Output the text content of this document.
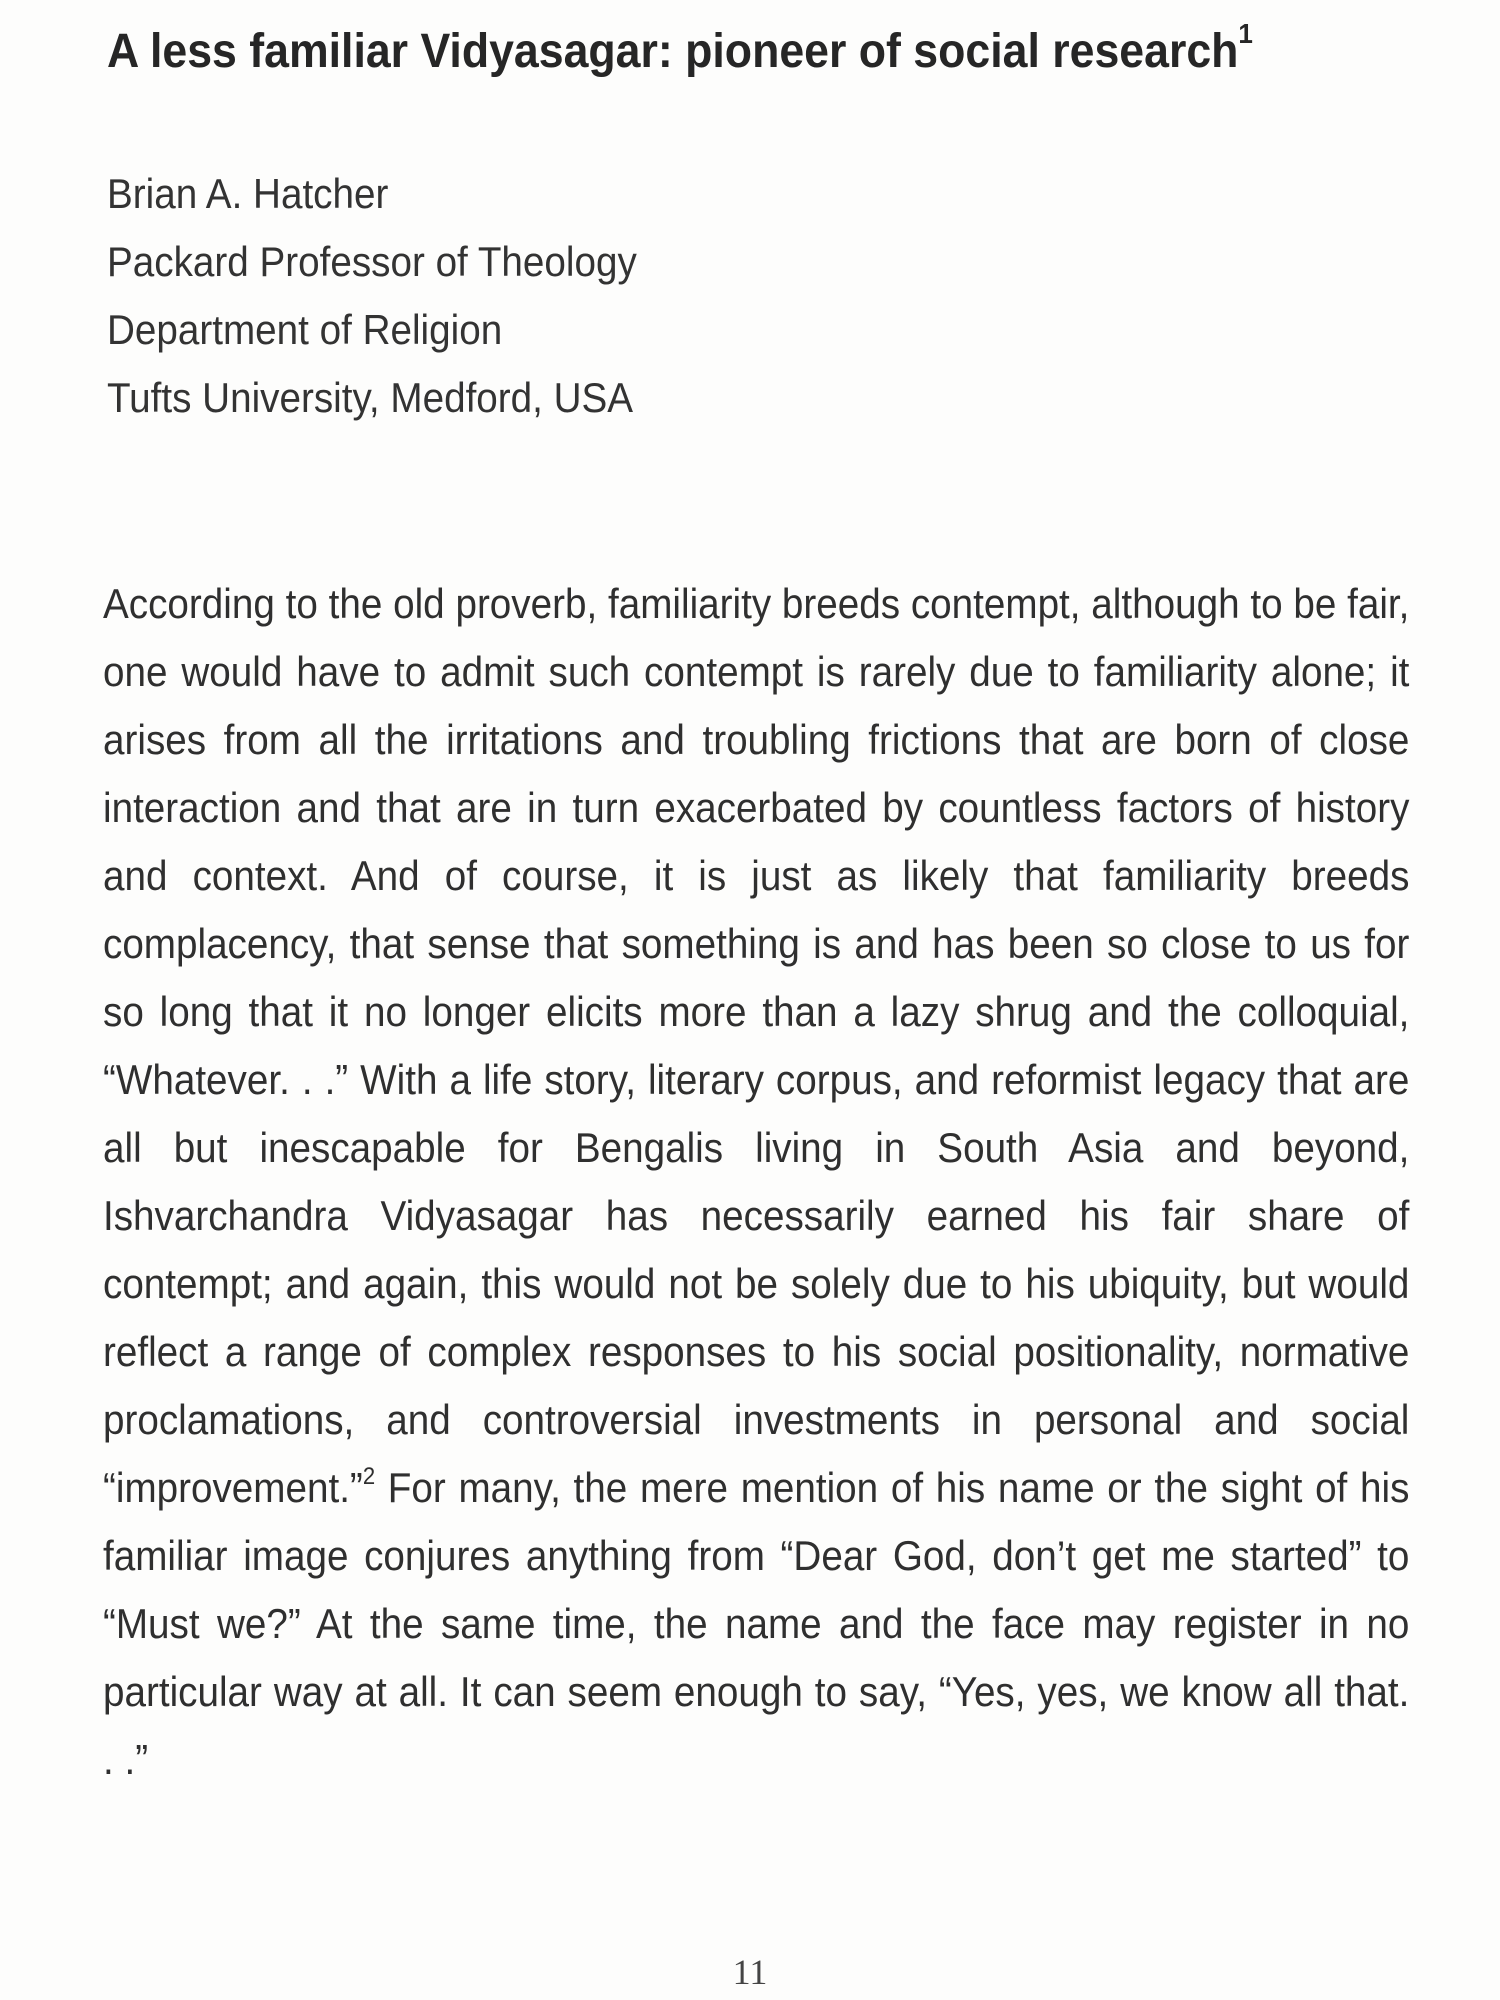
A less familiar Vidyasagar: pioneer of social research$^1$
Brian A. Hatcher
Packard Professor of Theology
Department of Religion
Tufts University, Medford, USA

According to the old proverb, familiarity breeds contempt, although to be fair, one would have to admit such contempt is rarely due to familiarity alone; it arises from all the irritations and troubling frictions that are born of close interaction and that are in turn exacerbated by countless factors of history and context. And of course, it is just as likely that familiarity breeds complacency, that sense that something is and has been so close to us for so long that it no longer elicits more than a lazy shrug and the colloquial, “Whatever. . .” With a life story, literary corpus, and reformist legacy that are all but inescapable for Bengalis living in South Asia and beyond, Ishvarchandra Vidyasagar has necessarily earned his fair share of contempt; and again, this would not be solely due to his ubiquity, but would reflect a range of complex responses to his social positionality, normative proclamations, and controversial investments in personal and social “improvement.”$^2$ For many, the mere mention of his name or the sight of his familiar image conjures anything from “Dear God, don’t get me started” to “Must we?” At the same time, the name and the face may register in no particular way at all. It can seem enough to say, “Yes, yes, we know all that. . .”

11
